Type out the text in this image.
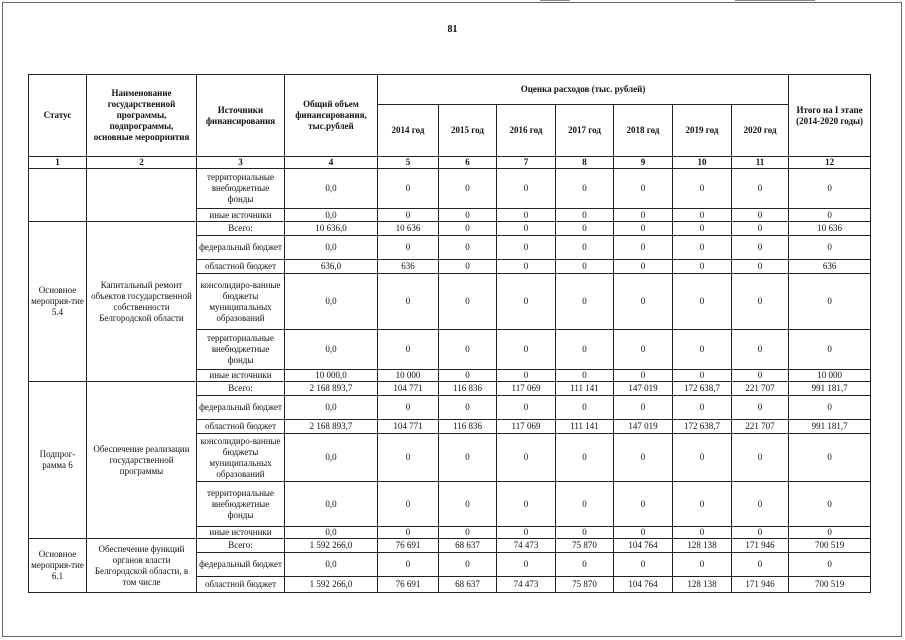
81
Статус	Наименование государственной программы, подпрограммы, основные мероприятия	Источники финансирования	Общий объем финансирования, тыс.рублей	Оценка расходов (тыс. рублей)							Итого на I этапе (2014-2020 годы)
				2014 год	2015 год	2016 год	2017 год	2018 год	2019 год	2020 год	
1	2	3	4	5	6	7	8	9	10	11	12
		территориальные внебюджетные фонды	0,0	0	0	0	0	0	0	0	0
		иные источники	0,0	0	0	0	0	0	0	0	0
Основное мероприя-тие 5.4	Капитальный ремонт объектов государственной собственности Белгородской области	Всего:	10 636,0	10 636	0	0	0	0	0	0	10 636
		федеральный бюджет	0,0	0	0	0	0	0	0	0	0
		областной бюджет	636,0	636	0	0	0	0	0	0	636
		консолидиро-ванные бюджеты муниципальных образований	0,0	0	0	0	0	0	0	0	0
		территориальные внебюджетные фонды	0,0	0	0	0	0	0	0	0	0
		иные источники	10 000,0	10 000	0	0	0	0	0	0	10 000
Подпрог-рамма 6	Обеспечение реализации государственной программы	Всего:	2 168 893,7	104 771	116 836	117 069	111 141	147 019	172 638,7	221 707	991 181,7
		федеральный бюджет	0,0	0	0	0	0	0	0	0	0
		областной бюджет	2 168 893,7	104 771	116 836	117 069	111 141	147 019	172 638,7	221 707	991 181,7
		консолидиро-ванные бюджеты муниципальных образований	0,0	0	0	0	0	0	0	0	0
		территориальные внебюджетные фонды	0,0	0	0	0	0	0	0	0	0
		иные источники	0,0	0	0	0	0	0	0	0	0
Основное мероприя-тие 6.1	Обеспечение функций органов власти Белгородской области, в том числе	Всего:	1 592 266,0	76 691	68 637	74 473	75 870	104 764	128 138	171 946	700 519
		федеральный бюджет	0,0	0	0	0	0	0	0	0	0
		областной бюджет	1 592 266,0	76 691	68 637	74 473	75 870	104 764	128 138	171 946	700 519
